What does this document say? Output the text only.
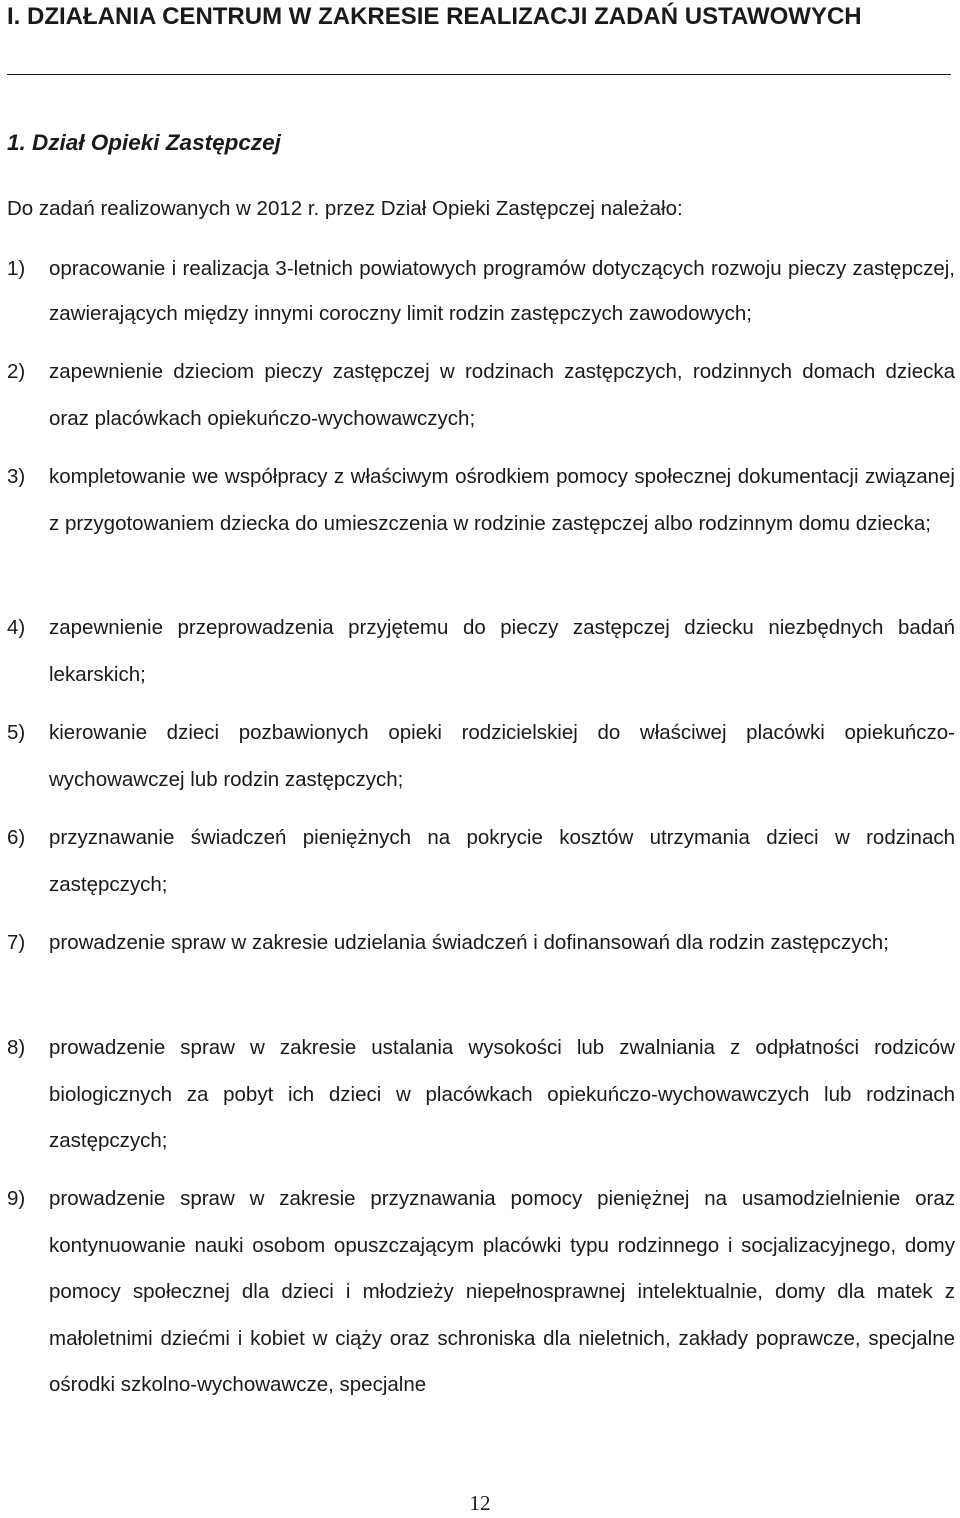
I. DZIAŁANIA CENTRUM W ZAKRESIE REALIZACJI ZADAŃ USTAWOWYCH
1. Dział Opieki Zastępczej
Do zadań realizowanych w 2012 r. przez Dział Opieki Zastępczej należało:
1) opracowanie i realizacja 3-letnich powiatowych programów dotyczących rozwoju pieczy zastępczej, zawierających między innymi coroczny limit rodzin zastępczych zawodowych;
2) zapewnienie dzieciom pieczy zastępczej w rodzinach zastępczych, rodzinnych domach dziecka oraz placówkach opiekuńczo-wychowawczych;
3) kompletowanie we współpracy z właściwym ośrodkiem pomocy społecznej dokumentacji związanej z przygotowaniem dziecka do umieszczenia w rodzinie zastępczej albo rodzinnym domu dziecka;
4) zapewnienie przeprowadzenia przyjętemu do pieczy zastępczej dziecku niezbędnych badań lekarskich;
5) kierowanie dzieci pozbawionych opieki rodzicielskiej do właściwej placówki opiekuńczo-wychowawczej lub rodzin zastępczych;
6) przyznawanie świadczeń pieniężnych na pokrycie kosztów utrzymania dzieci w rodzinach zastępczych;
7) prowadzenie spraw w zakresie udzielania świadczeń i dofinansowań dla rodzin zastępczych;
8) prowadzenie spraw w zakresie ustalania wysokości lub zwalniania z odpłatności rodziców biologicznych za pobyt ich dzieci w placówkach opiekuńczo-wychowawczych lub rodzinach zastępczych;
9) prowadzenie spraw w zakresie przyznawania pomocy pieniężnej na usamodzielnienie oraz kontynuowanie nauki osobom opuszczającym placówki typu rodzinnego i socjalizacyjnego, domy pomocy społecznej dla dzieci i młodzieży niepełnosprawnej intelektualnie, domy dla matek z małoletnimi dziećmi i kobiet w ciąży oraz schroniska dla nieletnich, zakłady poprawcze, specjalne ośrodki szkolno-wychowawcze, specjalne
12
